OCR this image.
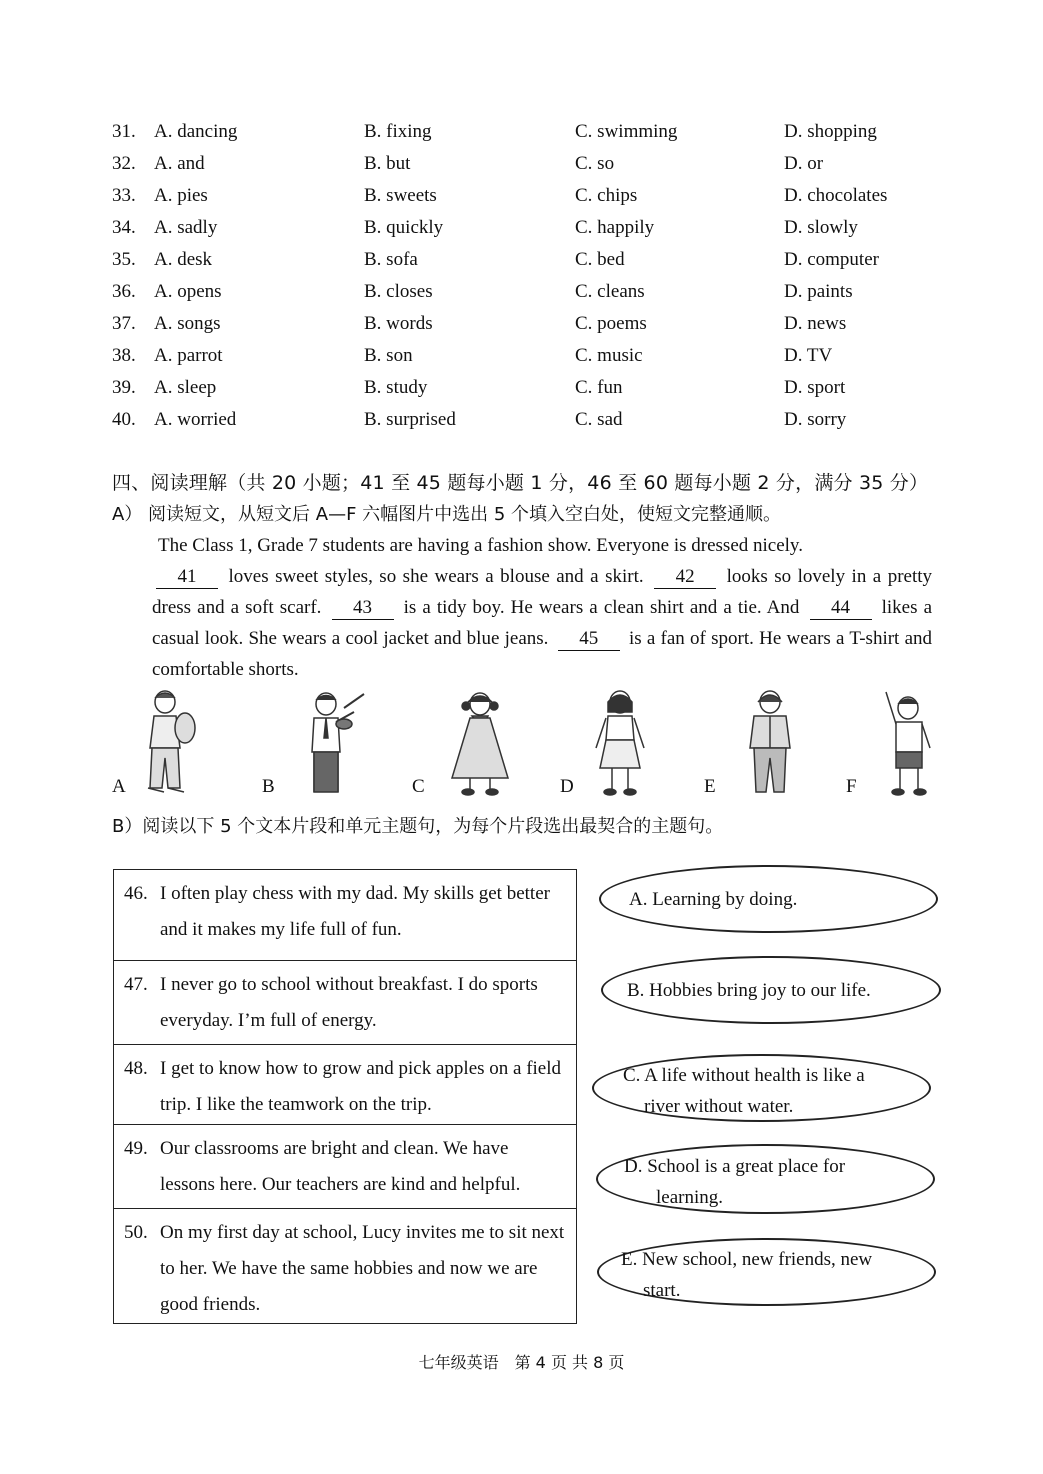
31. A. dancing	B. fixing	C. swimming	D. shopping
32. A. and	B. but	C. so	D. or
33. A. pies	B. sweets	C. chips	D. chocolates
34. A. sadly	B. quickly	C. happily	D. slowly
35. A. desk	B. sofa	C. bed	D. computer
36. A. opens	B. closes	C. cleans	D. paints
37. A. songs	B. words	C. poems	D. news
38. A. parrot	B. son	C. music	D. TV
39. A. sleep	B. study	C. fun	D. sport
40. A. worried	B. surprised	C. sad	D. sorry
四、阅读理解（共 20 小题；41 至 45 题每小题 1 分，46 至 60 题每小题 2 分，满分 35 分）
A） 阅读短文，从短文后 A—F 六幅图片中选出 5 个填入空白处，使短文完整通顺。

The Class 1, Grade 7 students are having a fashion show. Everyone is dressed nicely.

41 loves sweet styles, so she wears a blouse and a skirt. 42 looks so lovely in a pretty dress and a soft scarf. 43 is a tidy boy. He wears a clean shirt and a tie. And 44 likes a casual look. She wears a cool jacket and blue jeans. 45 is a fan of sport. He wears a T-shirt and comfortable shorts.

A	B	C	D	E	F
B）阅读以下 5 个文本片段和单元主题句，为每个片段选出最契合的主题句。
46. I often play chess with my dad. My skills get better and it makes my life full of fun.
47. I never go to school without breakfast. I do sports everyday. I’m full of energy.
48. I get to know how to grow and pick apples on a field trip. I like the teamwork on the trip.
49. Our classrooms are bright and clean. We have lessons here. Our teachers are kind and helpful.
50. On my first day at school, Lucy invites me to sit next to her. We have the same hobbies and now we are good friends.
A. Learning by doing.
B. Hobbies bring joy to our life.
C. A life without health is like a
river without water.
D. School is a great place for
learning.
E. New school, new friends, new
start.
七年级英语　第 4 页 共 8 页
